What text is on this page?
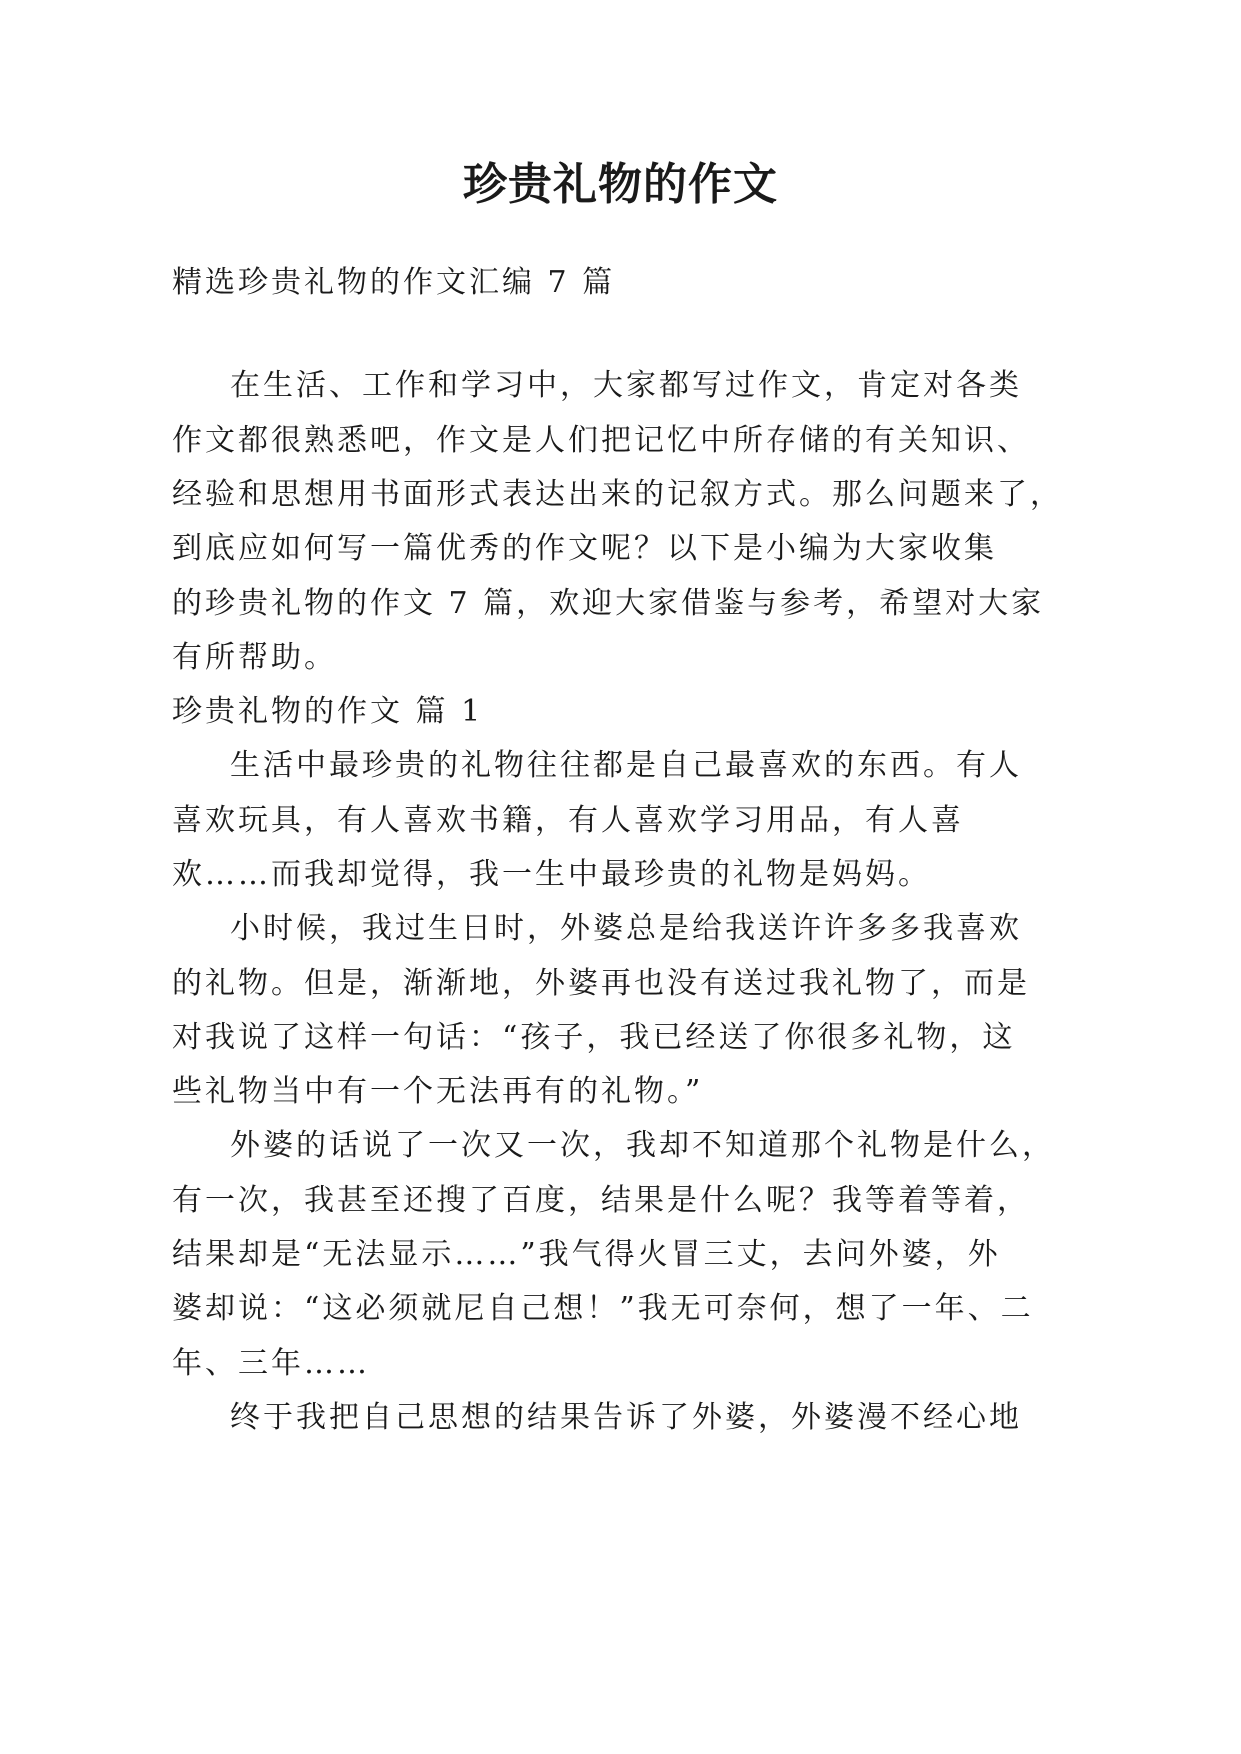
珍贵礼物的作文
精选珍贵礼物的作文汇编 7 篇
在生活、工作和学习中，大家都写过作文，肯定对各类
作文都很熟悉吧，作文是人们把记忆中所存储的有关知识、
经验和思想用书面形式表达出来的记叙方式。那么问题来了，
到底应如何写一篇优秀的作文呢？以下是小编为大家收集
的珍贵礼物的作文 7 篇，欢迎大家借鉴与参考，希望对大家
有所帮助。
珍贵礼物的作文 篇 1
生活中最珍贵的礼物往往都是自己最喜欢的东西。有人
喜欢玩具，有人喜欢书籍，有人喜欢学习用品，有人喜
欢……而我却觉得，我一生中最珍贵的礼物是妈妈。
小时候，我过生日时，外婆总是给我送许许多多我喜欢
的礼物。但是，渐渐地，外婆再也没有送过我礼物了，而是
对我说了这样一句话：“孩子，我已经送了你很多礼物，这
些礼物当中有一个无法再有的礼物。”
外婆的话说了一次又一次，我却不知道那个礼物是什么，
有一次，我甚至还搜了百度，结果是什么呢？我等着等着，
结果却是“无法显示……”我气得火冒三丈，去问外婆，外
婆却说：“这必须就尼自己想！”我无可奈何，想了一年、二
年、三年……
终于我把自己思想的结果告诉了外婆，外婆漫不经心地
